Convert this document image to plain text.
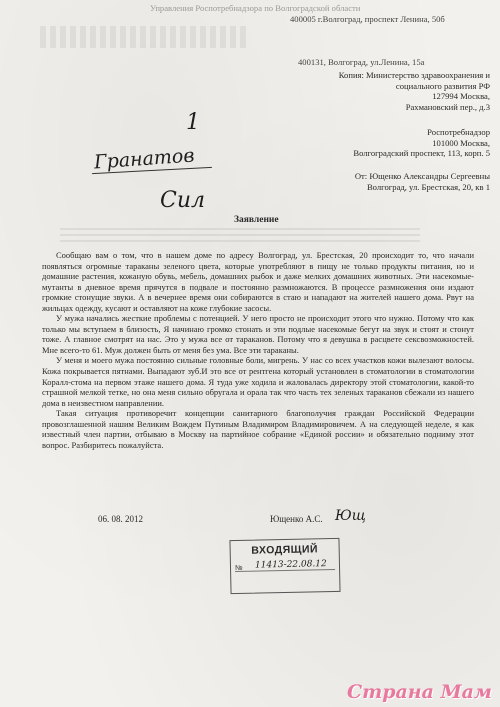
Управления Роспотребнадзора по Волгоградской области
400005 г.Волгоград, проспект Ленина, 50б
400131, Волгоград, ул.Ленина, 15а
Копия: Министерство здравоохранения и
социального развития РФ
127994 Москва,
Рахмановский пер., д.3
Роспотребнадзор
101000 Москва,
Волгоградский проспект, 113, корп. 5
1
Гранатов
Сил
От: Ющенко Александры Сергеевны
Волгоград, ул. Брестская, 20, кв 1
Заявление

Сообщаю вам о том, что в нашем доме по адресу Волгоград, ул. Брестская, 20 происходит то, что начали появляться огромные тараканы зеленого цвета, которые употребляют в пищу не только продукты питания, но и домашние растения, кожаную обувь, мебель, домашних рыбок и даже мелких домашних животных. Эти насекомые-мутанты в дневное время прячутся в подвале и постоянно размножаются. В процессе размножения они издают громкие стонущие звуки. А в вечернее время они собираются в стаю и нападают на жителей нашего дома. Рвут на жильцах одежду, кусают и оставляют на коже глубокие засосы.

У мужа начались жесткие проблемы с потенцией. У него просто не происходит этого что нужно. Потому что как только мы вступаем в близость, Я начинаю громко стонать и эти подлые насекомые бегут на звук и стоят и стонут тоже. А главное смотрят на нас. Это у мужа все от тараканов. Потому что я девушка в расцвете сексвозможностей. Мне всего-то 61. Муж должен быть от меня без ума. Все эти тараканы.

У меня и моего мужа постоянно сильные головные боли, мигрень. У нас со всех участков кожи вылезают волосы. Кожа покрывается пятнами. Выпадают зуб.И это все от рентгена который установлен в стоматологии в стоматологии Коралл-стома на первом этаже нашего дома. Я туда уже ходила и жаловалась директору этой стоматологии, какой-то страшной мелкой тетке, но она меня сильно обругала и орала так что часть тех зеленых тараканов сбежали из нашего дома в неизвестном направлении.

Такая ситуация противоречит концепции санитарного благополучия граждан Российской Федерации провозглашенной нашим Великим Вождем Путиным Владимиром Владимировичем. А на следующей неделе, я как известный член партии, отбываю в Москву на партийное собрание «Единой россии» и обязательно подниму этот вопрос. Разбиритесь пожалуйста.

06. 08. 2012	Ющенко А.С. Ющ
ВХОДЯЩИЙ
№ 11413-22.08.12
Страна Мам
